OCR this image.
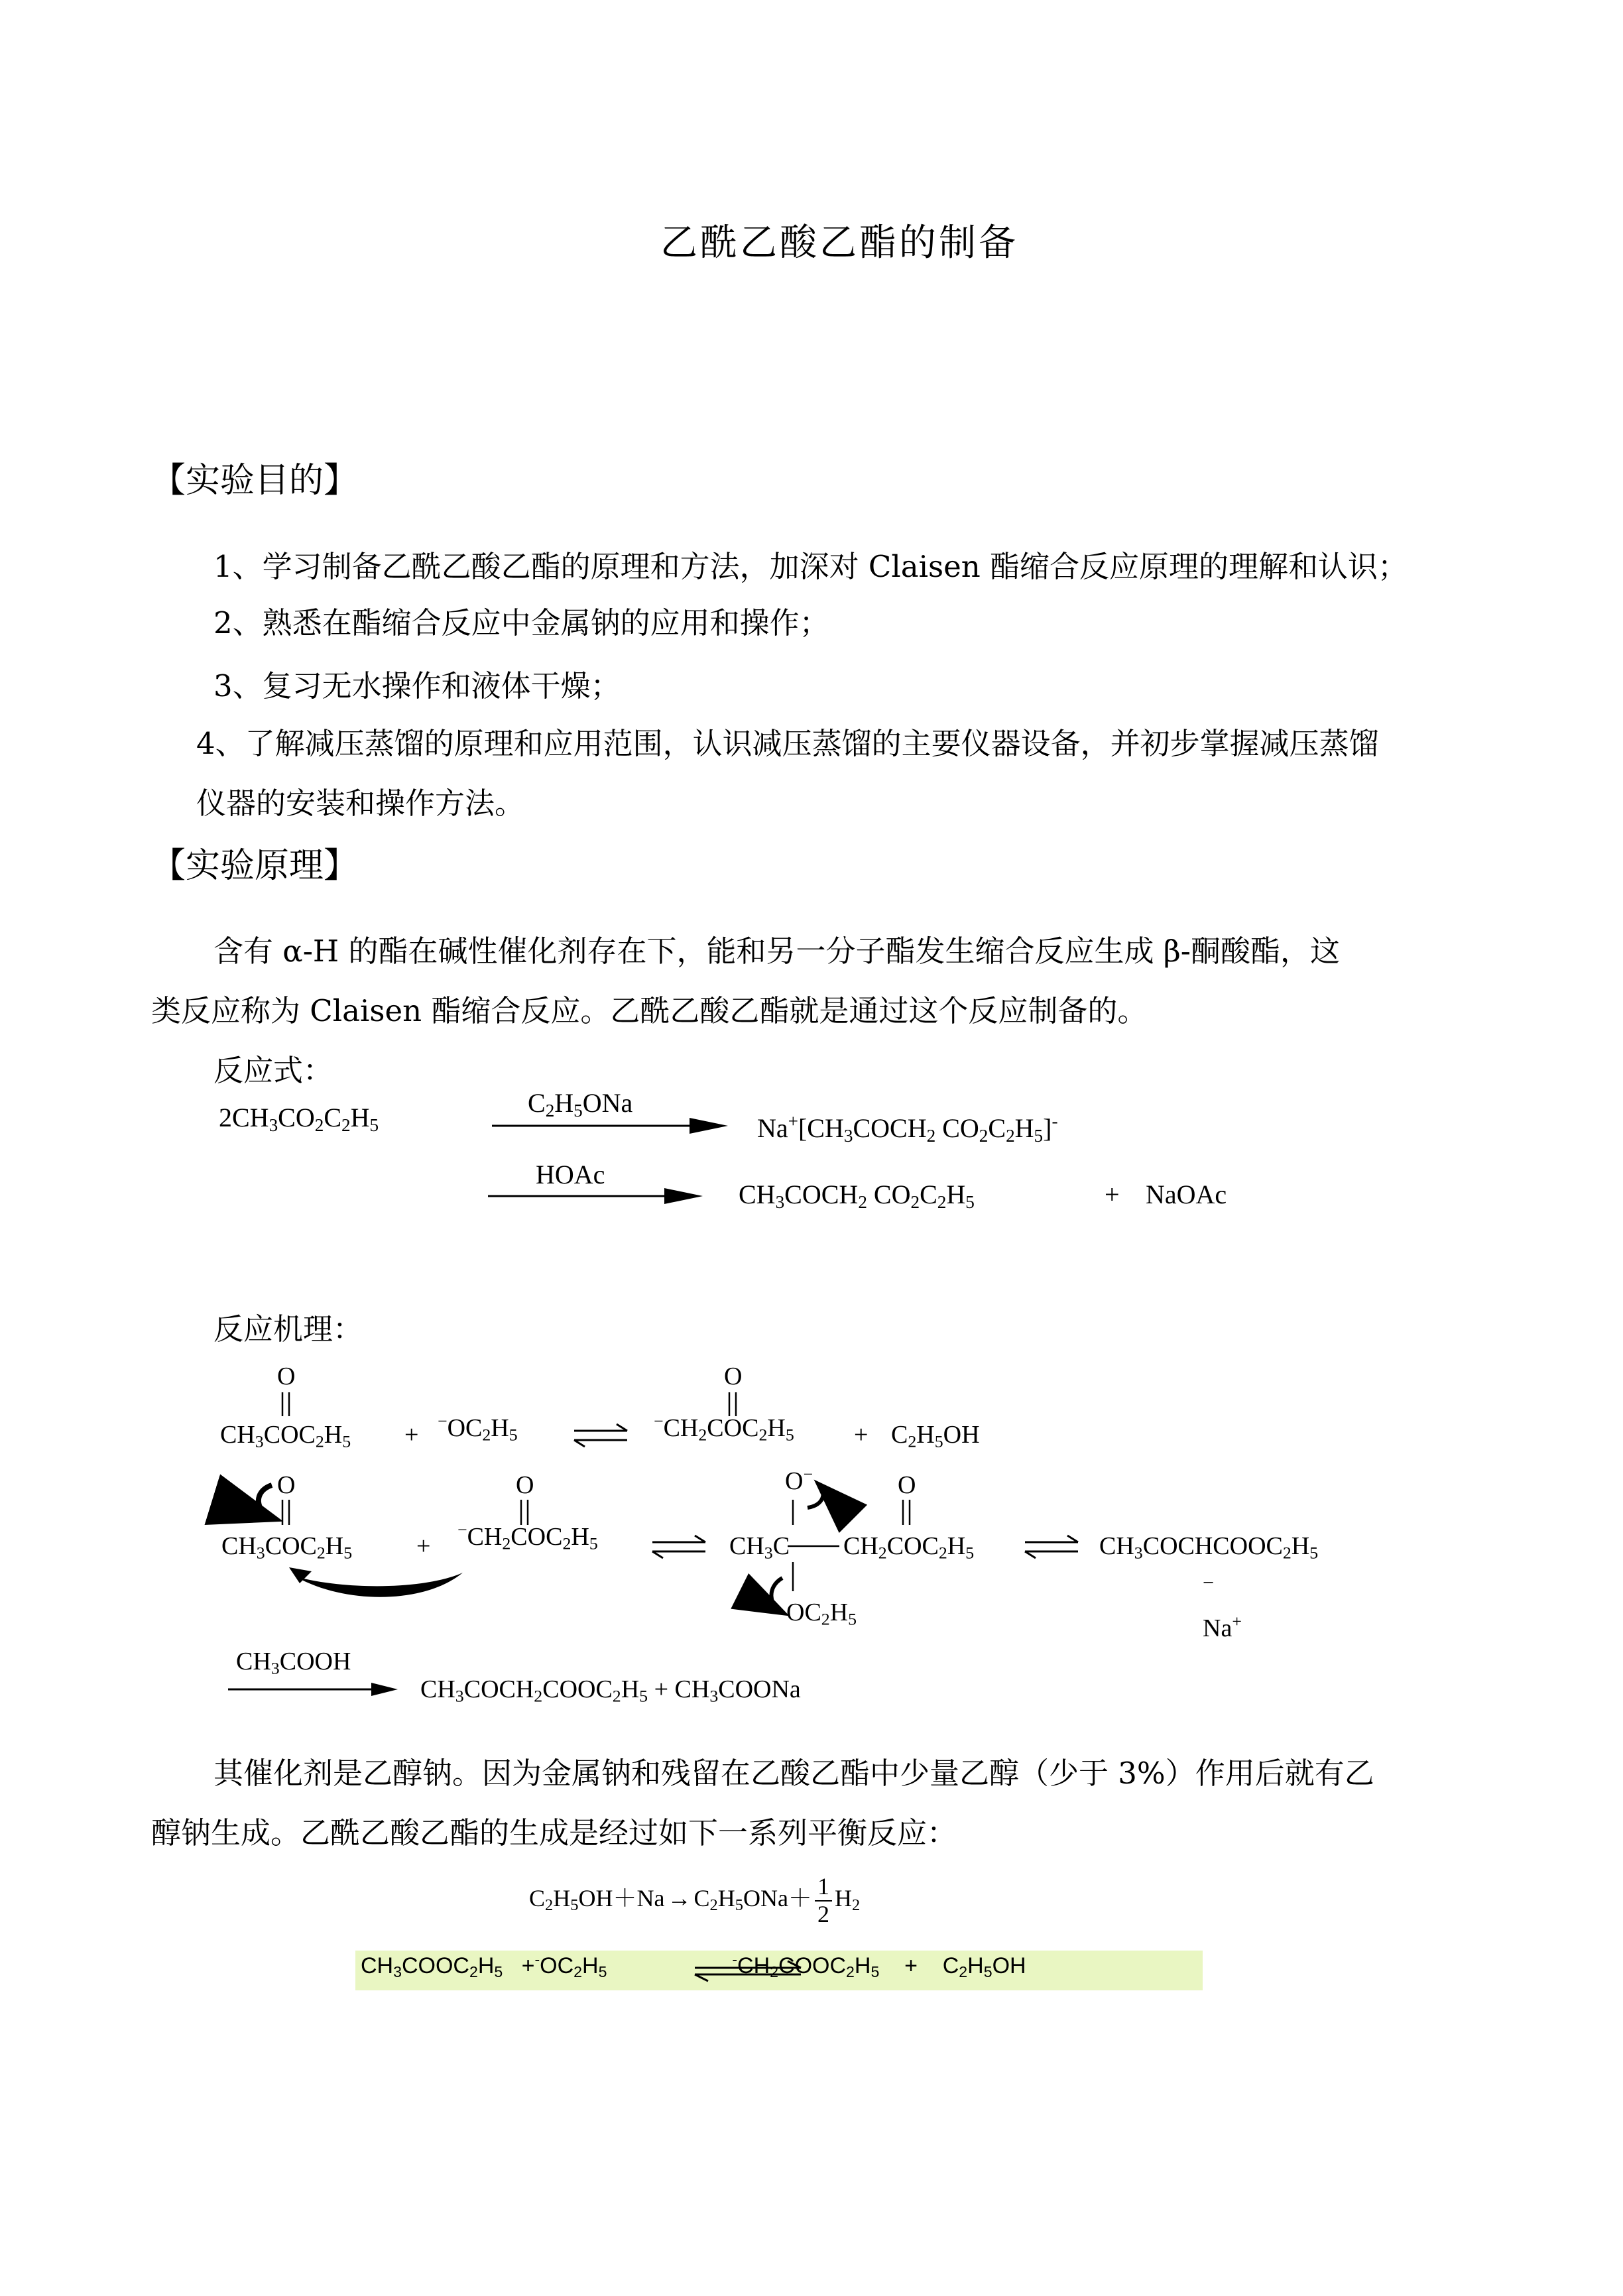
乙酰乙酸乙酯的制备
【实验目的】
1、学习制备乙酰乙酸乙酯的原理和方法，加深对 Claisen 酯缩合反应原理的理解和认识；
2、熟悉在酯缩合反应中金属钠的应用和操作；
3、复习无水操作和液体干燥；
4、了解减压蒸馏的原理和应用范围，认识减压蒸馏的主要仪器设备，并初步掌握减压蒸馏
仪器的安装和操作方法。
【实验原理】
含有 α-H 的酯在碱性催化剂存在下，能和另一分子酯发生缩合反应生成 β-酮酸酯，这
类反应称为 Claisen 酯缩合反应。乙酰乙酸乙酯就是通过这个反应制备的。
反应式：
$2CH_3CO_2C_2H_5$
$C_2H_5ONa$
$Na^+[CH_3COCH_2$ $CO_2C_2H_5]^-$
HOAc
$CH_3COCH_2$ $CO_2C_2H_5$	+ NaOAc
反应机理：
O	O
$CH_3COC_2H_5 + ^-OC_2H_5$
$^-CH_2COC_2H_5 + C_2H_5OH$
O	O	O−	O
$CH_3COC_2H_5$	+
$^-CH_2COC_2H_5$	$CH_3C$ $CH_2COC_2H_5$
$OC_2H_5$
$CH_3COCHCOOC_2H_5$
−
Na+
$CH_3COOH$
$CH_3COCH_2COOC_2H_5$ + $CH_3COONa$
其催化剂是乙醇钠。因为金属钠和残留在乙酸乙酯中少量乙醇（少于 3%）作用后就有乙
醇钠生成。乙酰乙酸乙酯的生成是经过如下一系列平衡反应：
$C_2H_5OH+Na \to C_2H_5ONa+ \frac{1}{2} H_2$
$CH_3COOC_2H_5 +^-OC_2H_5$  $^-CH_2COOC_2H_5$    +    $C_2H_5OH$
